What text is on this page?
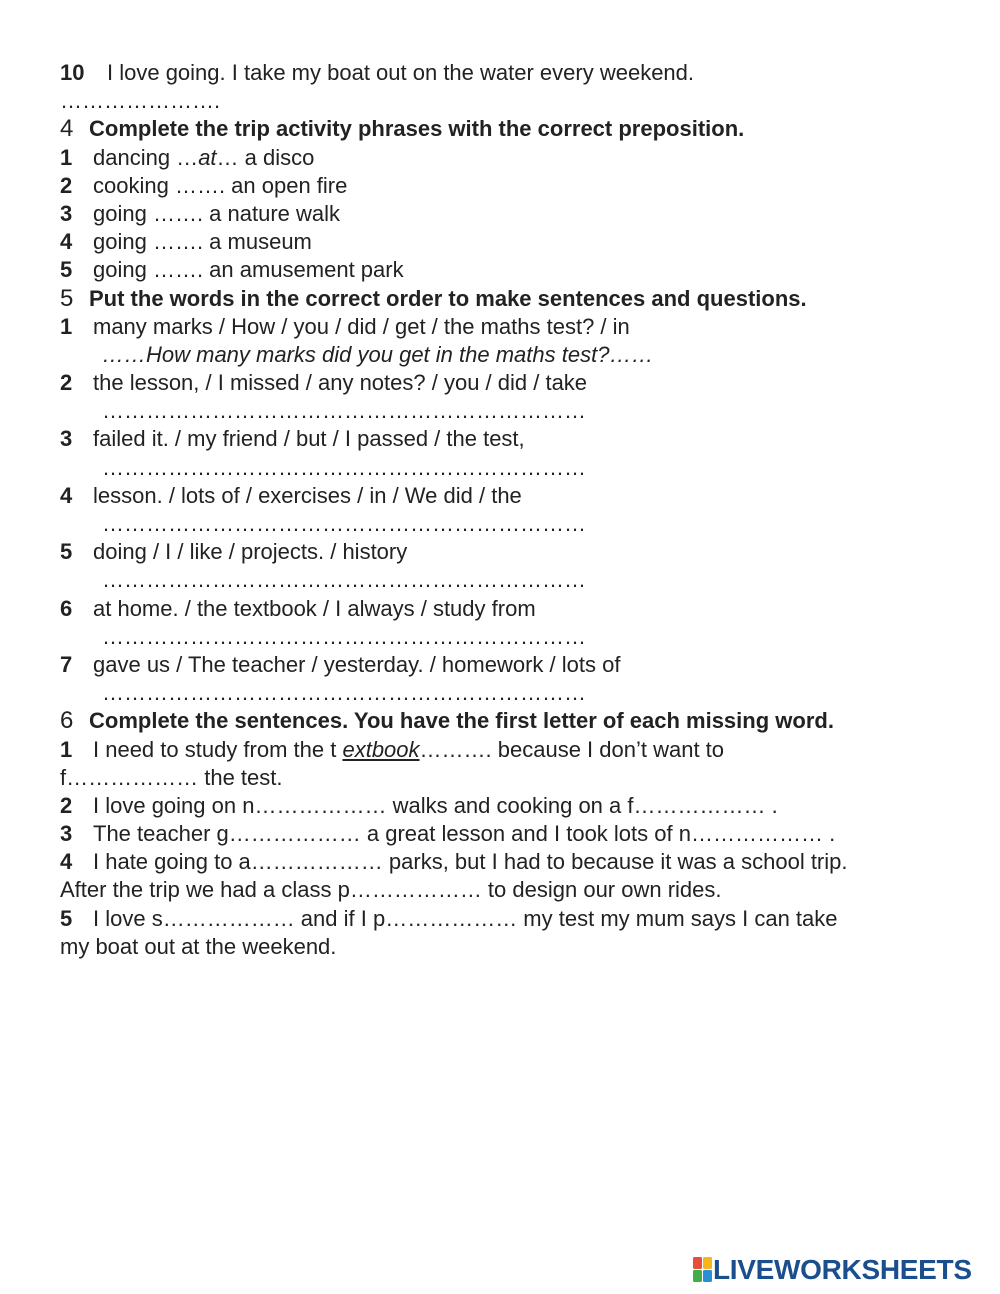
10 I love going. I take my boat out on the water every weekend.
………………….
4 Complete the trip activity phrases with the correct preposition.
1 dancing …at… a disco
2 cooking ……. an open fire
3 going ……. a nature walk
4 going ……. a museum
5 going ……. an amusement park
5 Put the words in the correct order to make sentences and questions.
1 many marks / How / you / did / get / the maths test? / in
……How many marks did you get in the maths test?……
2 the lesson, / I missed / any notes? / you / did / take
…………………………………………………………
3 failed it. / my friend / but / I passed / the test,
…………………………………………………………
4 lesson. / lots of / exercises / in / We did / the
…………………………………………………………
5 doing / I / like / projects. / history
…………………………………………………………
6 at home. / the textbook / I always / study from
…………………………………………………………
7 gave us / The teacher / yesterday. / homework / lots of
…………………………………………………………
6 Complete the sentences. You have the first letter of each missing word.
1 I need to study from the t extbook………. because I don’t want to
f……………… the test.
2 I love going on n……………… walks and cooking on a f……………… .
3 The teacher g……………… a great lesson and I took lots of n……………… .
4 I hate going to a……………… parks, but I had to because it was a school trip.
After the trip we had a class p……………… to design our own rides.
5 I love s……………… and if I p……………… my test my mum says I can take
my boat out at the weekend.
LIVEWORKSHEETS
